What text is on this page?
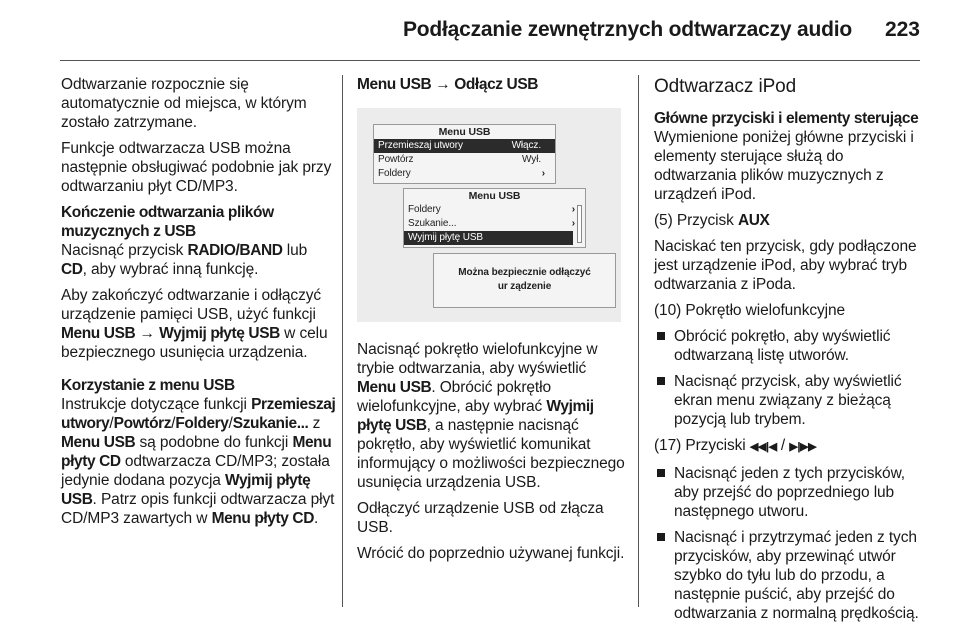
Podłączanie zewnętrznych odtwarzaczy audio 223

Odtwarzanie rozpocznie się automatycznie od miejsca, w którym zostało zatrzymane.

Funkcje odtwarzacza USB można następnie obsługiwać podobnie jak przy odtwarzaniu płyt CD/MP3.

Kończenie odtwarzania plików muzycznych z USB

Nacisnąć przycisk RADIO/BAND lub CD, aby wybrać inną funkcję.

Aby zakończyć odtwarzanie i odłączyć urządzenie pamięci USB, użyć funkcji Menu USB → Wyjmij płytę USB w celu bezpiecznego usunięcia urządzenia.

Korzystanie z menu USB

Instrukcje dotyczące funkcji Przemieszaj utwory/Powtórz/Foldery/Szukanie... z Menu USB są podobne do funkcji Menu płyty CD odtwarzacza CD/MP3; została jedynie dodana pozycja Wyjmij płytę USB. Patrz opis funkcji odtwarzacza płyt CD/MP3 zawartych w Menu płyty CD.

Menu USB → Odłącz USB

Menu USB
Przemieszaj utwory	Włącz.
Powtórz	Wył.
Foldery	›
Menu USB
Foldery	›
Szukanie...	›
Wyjmij płytę USB
Można bezpiecznie odłączyć
ur ządzenie

Nacisnąć pokrętło wielofunkcyjne w trybie odtwarzania, aby wyświetlić Menu USB. Obrócić pokrętło wielofunkcyjne, aby wybrać Wyjmij płytę USB, a następnie nacisnąć pokrętło, aby wyświetlić komunikat informujący o możliwości bezpiecznego usunięcia urządzenia USB.

Odłączyć urządzenie USB od złącza USB.

Wrócić do poprzednio używanej funkcji.

Odtwarzacz iPod

Główne przyciski i elementy sterujące

Wymienione poniżej główne przyciski i elementy sterujące służą do odtwarzania plików muzycznych z urządzeń iPod.

(5) Przycisk AUX

Naciskać ten przycisk, gdy podłączone jest urządzenie iPod, aby wybrać tryb odtwarzania z iPoda.

(10) Pokrętło wielofunkcyjne

Obrócić pokrętło, aby wyświetlić odtwarzaną listę utworów.
Nacisnąć przycisk, aby wyświetlić ekran menu związany z bieżącą pozycją lub trybem.

(17) Przyciski ◀◀|◀ / ▶|▶▶

Nacisnąć jeden z tych przycisków, aby przejść do poprzedniego lub następnego utworu.
Nacisnąć i przytrzymać jeden z tych przycisków, aby przewinąć utwór szybko do tyłu lub do przodu, a następnie puścić, aby przejść do odtwarzania z normalną prędkością.
